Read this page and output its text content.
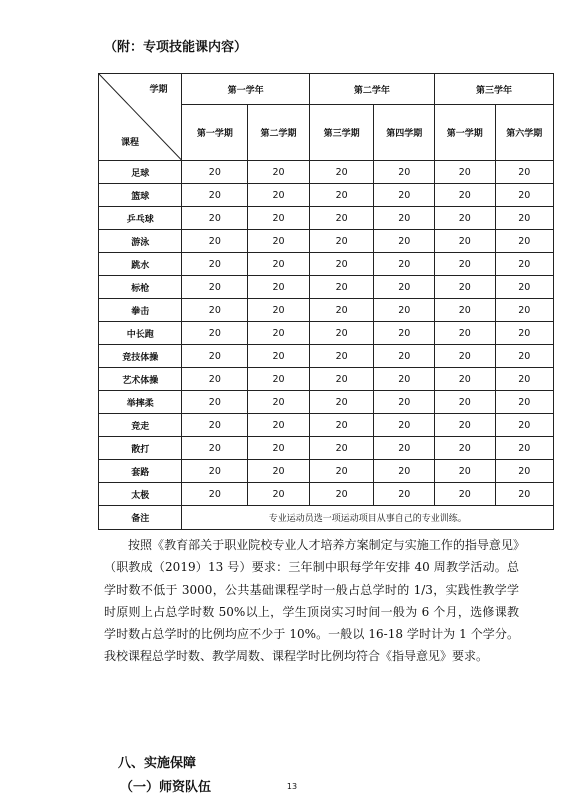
（附：专项技能课内容）
学期
课程	第一学年		第二学年		第三学年	
	第一学期	第二学期	第三学期	第四学期	第一学期	第六学期
足球	20	20	20	20	20	20
篮球	20	20	20	20	20	20
乒乓球	20	20	20	20	20	20
游泳	20	20	20	20	20	20
跳水	20	20	20	20	20	20
标枪	20	20	20	20	20	20
拳击	20	20	20	20	20	20
中长跑	20	20	20	20	20	20
竞技体操	20	20	20	20	20	20
艺术体操	20	20	20	20	20	20
举摔柔	20	20	20	20	20	20
竞走	20	20	20	20	20	20
散打	20	20	20	20	20	20
套路	20	20	20	20	20	20
太极	20	20	20	20	20	20
备注	专业运动员选一项运动项目从事自己的专业训练。					

按照《教育部关于职业院校专业人才培养方案制定与实施工作的指导意见》（职教成（2019）13 号）要求：三年制中职每学年安排 40 周教学活动。总学时数不低于 3000，公共基础课程学时一般占总学时的 1/3，实践性教学学时原则上占总学时数 50%以上，学生顶岗实习时间一般为 6 个月，选修课教学时数占总学时的比例均应不少于 10%。一般以 16-18 学时计为 1 个学分。我校课程总学时数、教学周数、课程学时比例均符合《指导意见》要求。

八、实施保障
（一）师资队伍	13
